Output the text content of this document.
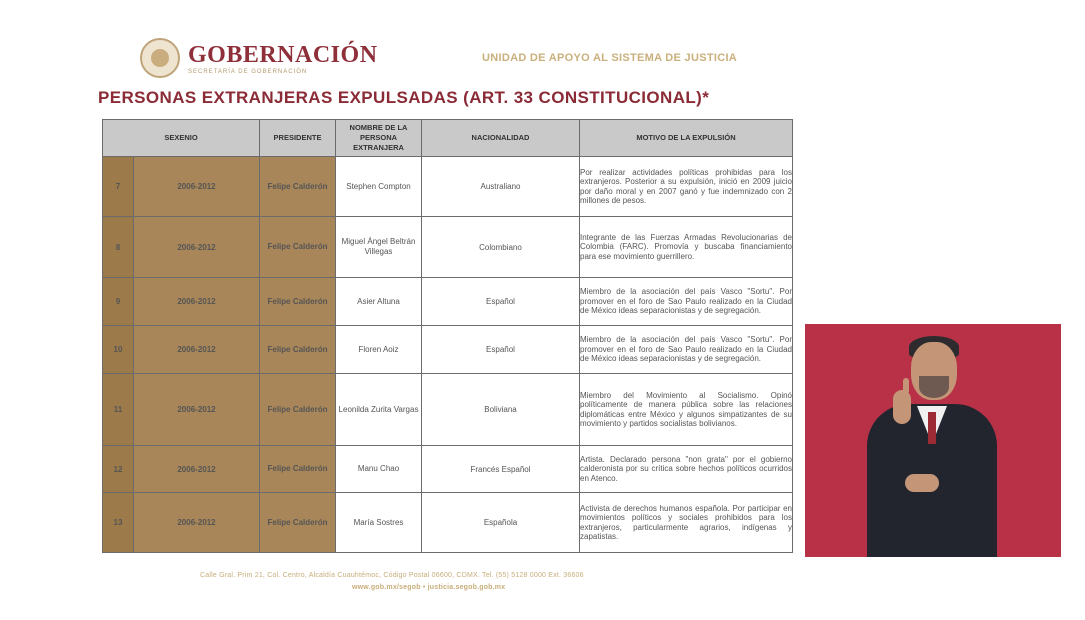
GOBERNACIÓN
SECRETARÍA DE GOBERNACIÓN
UNIDAD DE APOYO AL SISTEMA DE JUSTICIA
PERSONAS EXTRANJERAS EXPULSADAS (ART. 33 CONSTITUCIONAL)*
SEXENIO		PRESIDENTE	NOMBRE DE LA PERSONA EXTRANJERA	NACIONALIDAD	MOTIVO DE LA EXPULSIÓN
7	2006-2012	Felipe Calderón	Stephen Compton	Australiano	Por realizar actividades políticas prohibidas para los extranjeros. Posterior a su expulsión, inició en 2009 juicio por daño moral y en 2007 ganó y fue indemnizado con 2 millones de pesos.

8	2006-2012	Felipe Calderón	Miguel Ángel Beltrán Villegas	Colombiano	Integrante de las Fuerzas Armadas Revolucionarias de Colombia (FARC). Promovía y buscaba financiamiento para ese movimiento guerrillero.

9	2006-2012	Felipe Calderón	Asier Altuna	Español	Miembro de la asociación del país Vasco "Sortu". Por promover en el foro de Sao Paulo realizado en la Ciudad de México ideas separacionistas y de segregación.

10	2006-2012	Felipe Calderón	Floren Aoiz	Español	Miembro de la asociación del país Vasco "Sortu". Por promover en el foro de Sao Paulo realizado en la Ciudad de México ideas separacionistas y de segregación.

11	2006-2012	Felipe Calderón	Leonilda Zurita Vargas	Boliviana	Miembro del Movimiento al Socialismo. Opinó políticamente de manera pública sobre las relaciones diplomáticas entre México y algunos simpatizantes de su movimiento y partidos socialistas bolivianos.

12	2006-2012	Felipe Calderón	Manu Chao	Francés Español	Artista. Declarado persona "non grata" por el gobierno calderonista por su crítica sobre hechos políticos ocurridos en Atenco.

13	2006-2012	Felipe Calderón	María Sostres	Española	Activista de derechos humanos española. Por participar en movimientos políticos y sociales prohibidos para los extranjeros, particularmente agrarios, indígenas y zapatistas.
Calle Gral. Prim 21, Col. Centro, Alcaldía Cuauhtémoc, Código Postal 06600, CDMX. Tel. (55) 5128 0000 Ext. 36606
www.gob.mx/segob • justicia.segob.gob.mx
